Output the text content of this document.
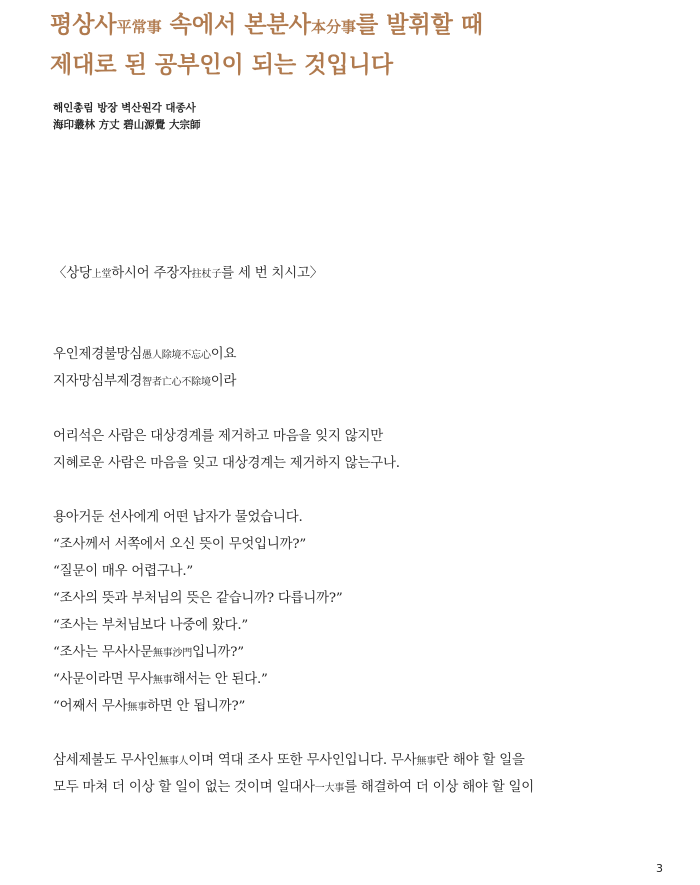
평상사平常事 속에서 본분사本分事를 발휘할 때
제대로 된 공부인이 되는 것입니다
해인총림 방장 벽산원각 대종사
海印叢林 方丈 碧山源覺 大宗師
〈상당上堂하시어 주장자拄杖子를 세 번 치시고〉
우인제경불망심愚人除境不忘心이요
지자망심부제경智者亡心不除境이라
어리석은 사람은 대상경계를 제거하고 마음을 잊지 않지만
지혜로운 사람은 마음을 잊고 대상경계는 제거하지 않는구나.
용아거둔 선사에게 어떤 납자가 물었습니다.
“조사께서 서쪽에서 오신 뜻이 무엇입니까?”
“질문이 매우 어렵구나.”
“조사의 뜻과 부처님의 뜻은 같습니까? 다릅니까?”
“조사는 부처님보다 나중에 왔다.”
“조사는 무사사문無事沙門입니까?”
“사문이라면 무사無事해서는 안 된다.”
“어째서 무사無事하면 안 됩니까?”
삼세제불도 무사인無事人이며 역대 조사 또한 무사인입니다. 무사無事란 해야 할 일을
모두 마쳐 더 이상 할 일이 없는 것이며 일대사一大事를 해결하여 더 이상 해야 할 일이
3
